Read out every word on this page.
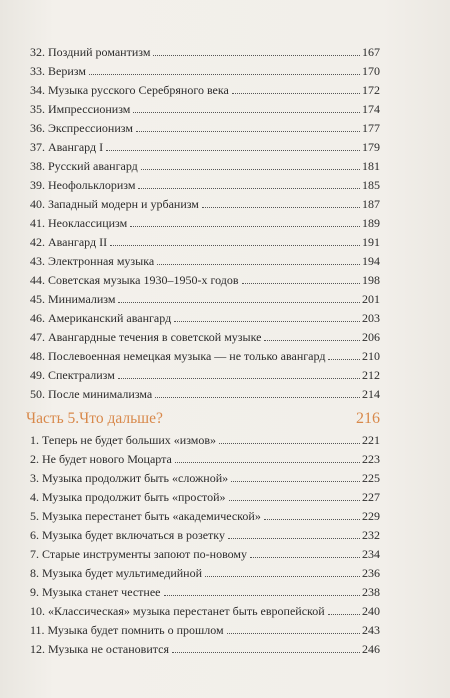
32. Поздний романтизм	167
33. Веризм	170
34. Музыка русского Серебряного века	172
35. Импрессионизм	174
36. Экспрессионизм	177
37. Авангард I	179
38. Русский авангард	181
39. Неофольклоризм	185
40. Западный модерн и урбанизм	187
41. Неоклассицизм	189
42. Авангард II	191
43. Электронная музыка	194
44. Советская музыка 1930–1950-х годов	198
45. Минимализм	201
46. Американский авангард	203
47. Авангардные течения в советской музыке	206
48. Послевоенная немецкая музыка — не только авангард	210
49. Спектрализм	212
50. После минимализма	214
Часть 5.Что дальше?	216
1. Теперь не будет больших «измов»	221
2. Не будет нового Моцарта	223
3. Музыка продолжит быть «сложной»	225
4. Музыка продолжит быть «простой»	227
5. Музыка перестанет быть «академической»	229
6. Музыка будет включаться в розетку	232
7. Старые инструменты запоют по-новому	234
8. Музыка будет мультимедийной	236
9. Музыка станет честнее	238
10. «Классическая» музыка перестанет быть европейской	240
11. Музыка будет помнить о прошлом	243
12. Музыка не остановится	246
